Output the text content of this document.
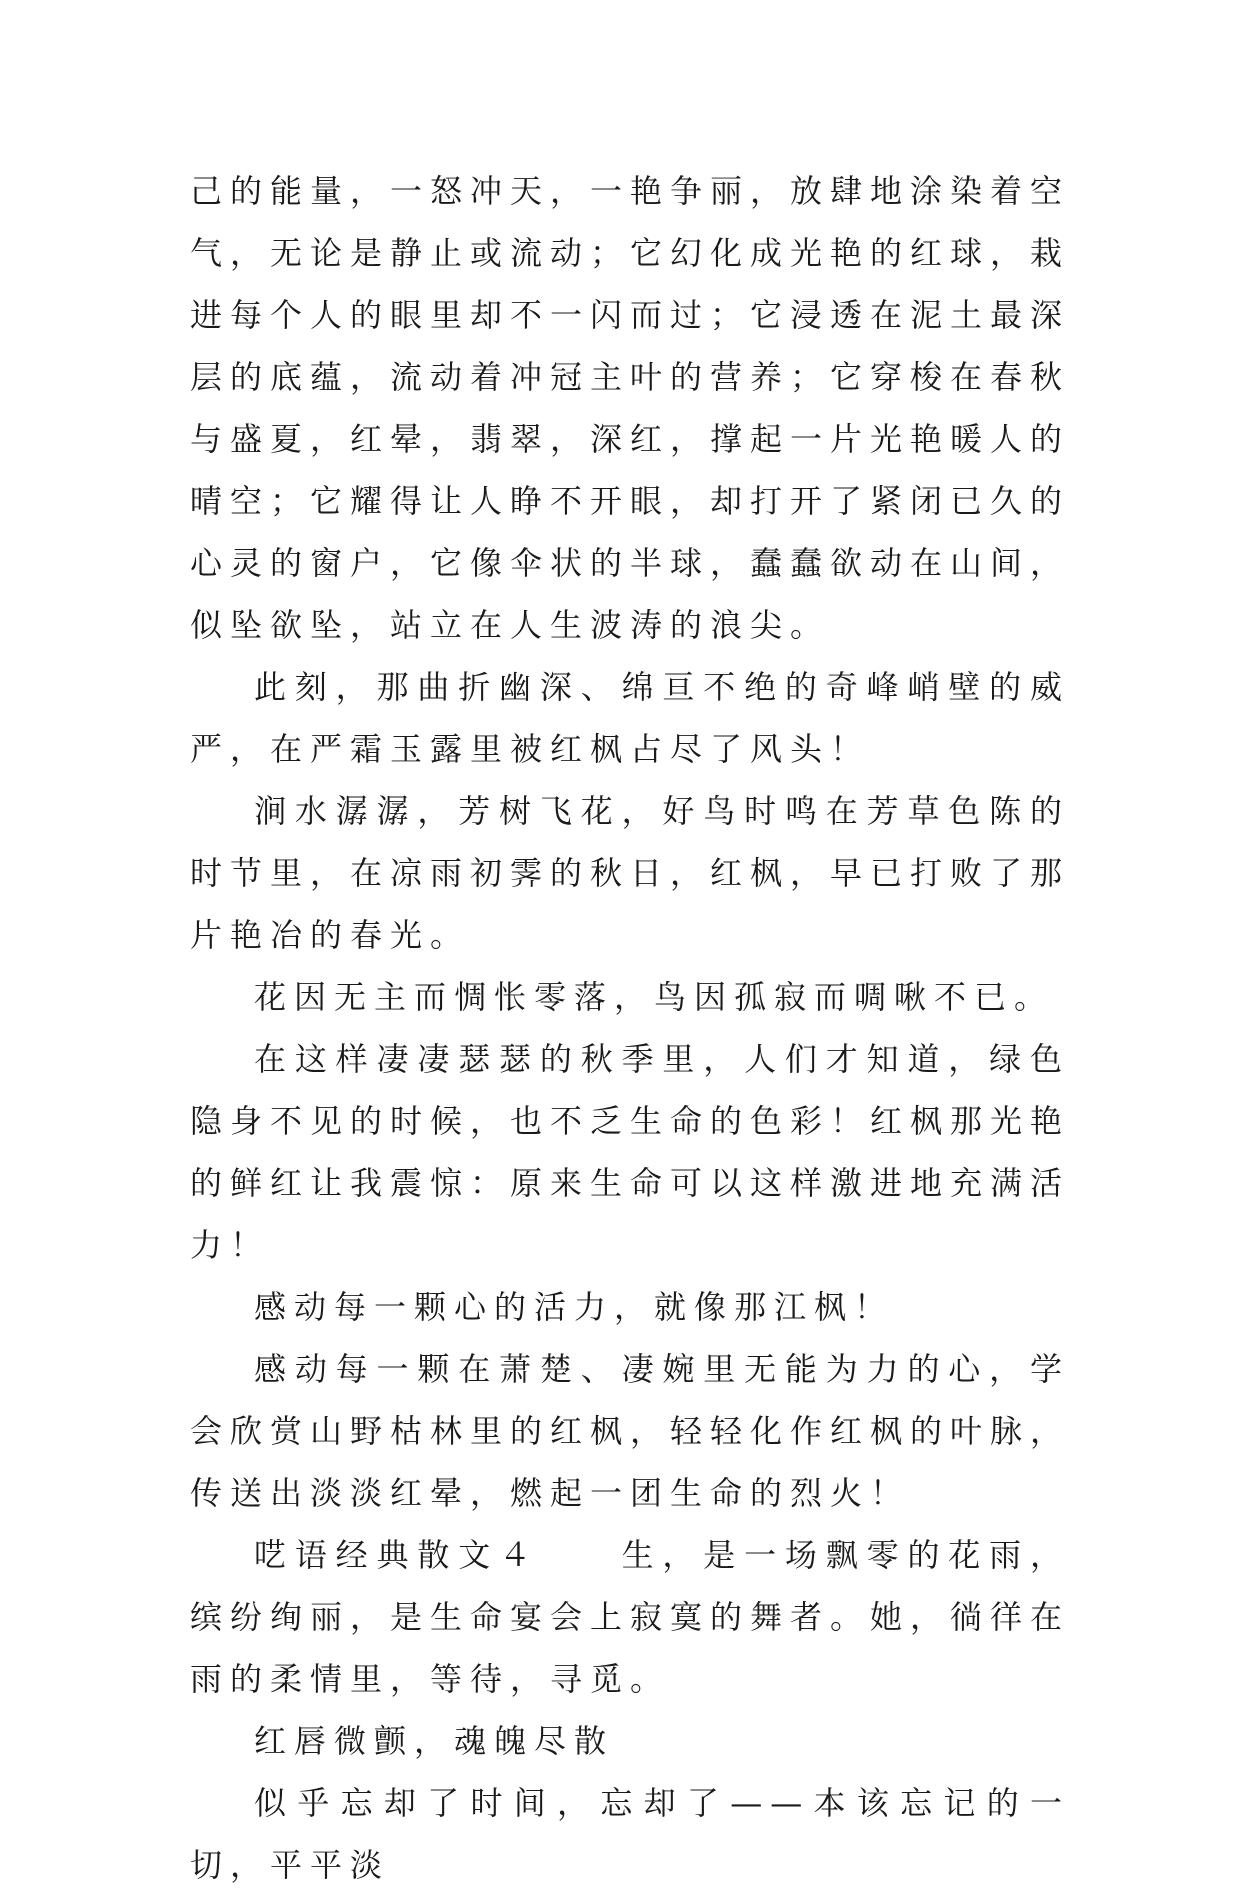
己的能量，一怒冲天，一艳争丽，放肆地涂染着空气，无论是静止或流动；它幻化成光艳的红球，栽进每个人的眼里却不一闪而过；它浸透在泥土最深层的底蕴，流动着冲冠主叶的营养；它穿梭在春秋与盛夏，红晕，翡翠，深红，撑起一片光艳暖人的晴空；它耀得让人睁不开眼，却打开了紧闭已久的心灵的窗户，它像伞状的半球，蠢蠢欲动在山间，似坠欲坠，站立在人生波涛的浪尖。

此刻，那曲折幽深、绵亘不绝的奇峰峭壁的威严，在严霜玉露里被红枫占尽了风头！

涧水潺潺，芳树飞花，好鸟时鸣在芳草色陈的时节里，在凉雨初霁的秋日，红枫，早已打败了那片艳冶的春光。

花因无主而惆怅零落，鸟因孤寂而啁啾不已。

在这样凄凄瑟瑟的秋季里，人们才知道，绿色隐身不见的时候，也不乏生命的色彩！红枫那光艳的鲜红让我震惊：原来生命可以这样激进地充满活力！

感动每一颗心的活力，就像那江枫！

感动每一颗在萧楚、凄婉里无能为力的心，学会欣赏山野枯林里的红枫，轻轻化作红枫的叶脉，传送出淡淡红晕，燃起一团生命的烈火！

呓语经典散文４　　生，是一场飘零的花雨，缤纷绚丽，是生命宴会上寂寞的舞者。她，徜徉在雨的柔情里，等待，寻觅。

红唇微颤，魂魄尽散

似乎忘却了时间，忘却了——本该忘记的一切，平平淡
